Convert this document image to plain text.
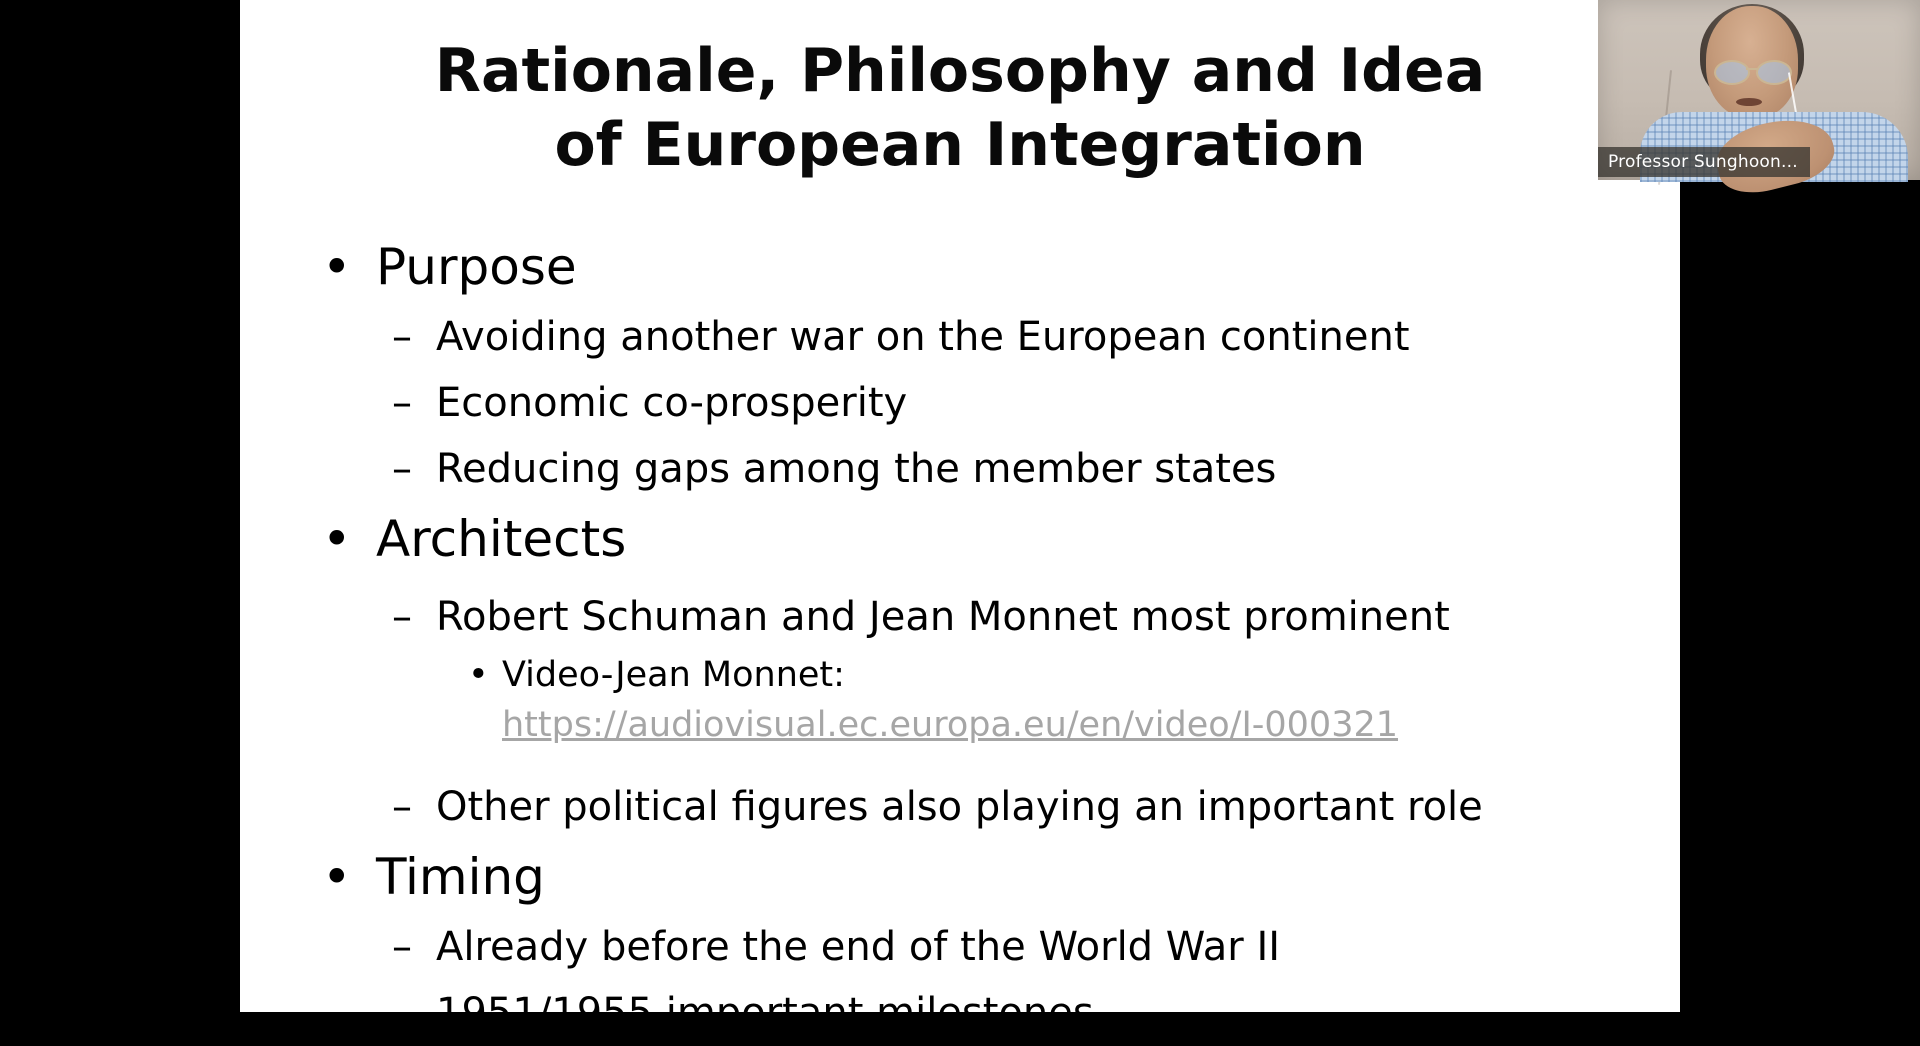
Rationale, Philosophy and Idea
of European Integration
• Purpose
– Avoiding another war on the European continent
– Economic co-prosperity
– Reducing gaps among the member states
• Architects
– Robert Schuman and Jean Monnet most prominent
• Video-Jean Monnet:
https://audiovisual.ec.europa.eu/en/video/I-000321
– Other political figures also playing an important role
• Timing
– Already before the end of the World War II
– 1951/1955 important milestones
Professor Sunghoon...
